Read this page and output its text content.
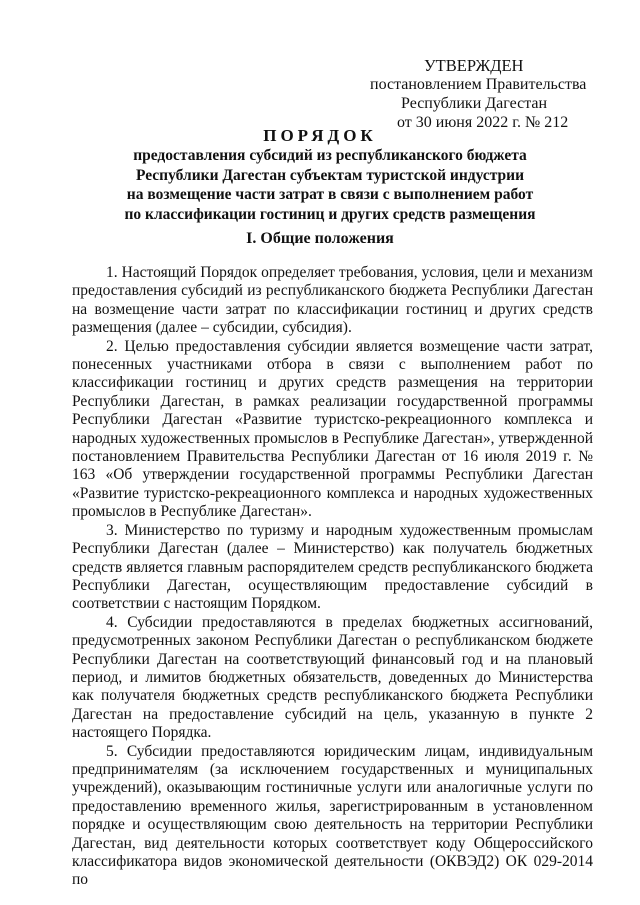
УТВЕРЖДЕН
постановлением Правительства
Республики Дагестан
от 30 июня 2022 г. № 212
ПОРЯДОК
предоставления субсидий из республиканского бюджета
Республики Дагестан субъектам туристской индустрии
на возмещение части затрат в связи с выполнением работ
по классификации гостиниц и других средств размещения
I. Общие положения

1. Настоящий Порядок определяет требования, условия, цели и механизм предоставления субсидий из республиканского бюджета Республики Дагестан на возмещение части затрат по классификации гостиниц и других средств размещения (далее – субсидии, субсидия).

2. Целью предоставления субсидии является возмещение части затрат, понесенных участниками отбора в связи с выполнением работ по классификации гостиниц и других средств размещения на территории Республики Дагестан, в рамках реализации государственной программы Республики Дагестан «Развитие туристско-рекреационного комплекса и народных художественных промыслов в Республике Дагестан», утвержденной постановлением Правительства Республики Дагестан от 16 июля 2019 г. № 163 «Об утверждении государственной программы Республики Дагестан «Развитие туристско-рекреационного комплекса и народных художественных промыслов в Республике Дагестан».

3. Министерство по туризму и народным художественным промыслам Республики Дагестан (далее – Министерство) как получатель бюджетных средств является главным распорядителем средств республиканского бюджета Республики Дагестан, осуществляющим предоставление субсидий в соответствии с настоящим Порядком.

4. Субсидии предоставляются в пределах бюджетных ассигнований, предусмотренных законом Республики Дагестан о республиканском бюджете Республики Дагестан на соответствующий финансовый год и на плановый период, и лимитов бюджетных обязательств, доведенных до Министерства как получателя бюджетных средств республиканского бюджета Республики Дагестан на предоставление субсидий на цель, указанную в пункте 2 настоящего Порядка.

5. Субсидии предоставляются юридическим лицам, индивидуальным предпринимателям (за исключением государственных и муниципальных учреждений), оказывающим гостиничные услуги или аналогичные услуги по предоставлению временного жилья, зарегистрированным в установленном порядке и осуществляющим свою деятельность на территории Республики Дагестан, вид деятельности которых соответствует коду Общероссийского классификатора видов экономической деятельности (ОКВЭД2) ОК 029-2014 по
